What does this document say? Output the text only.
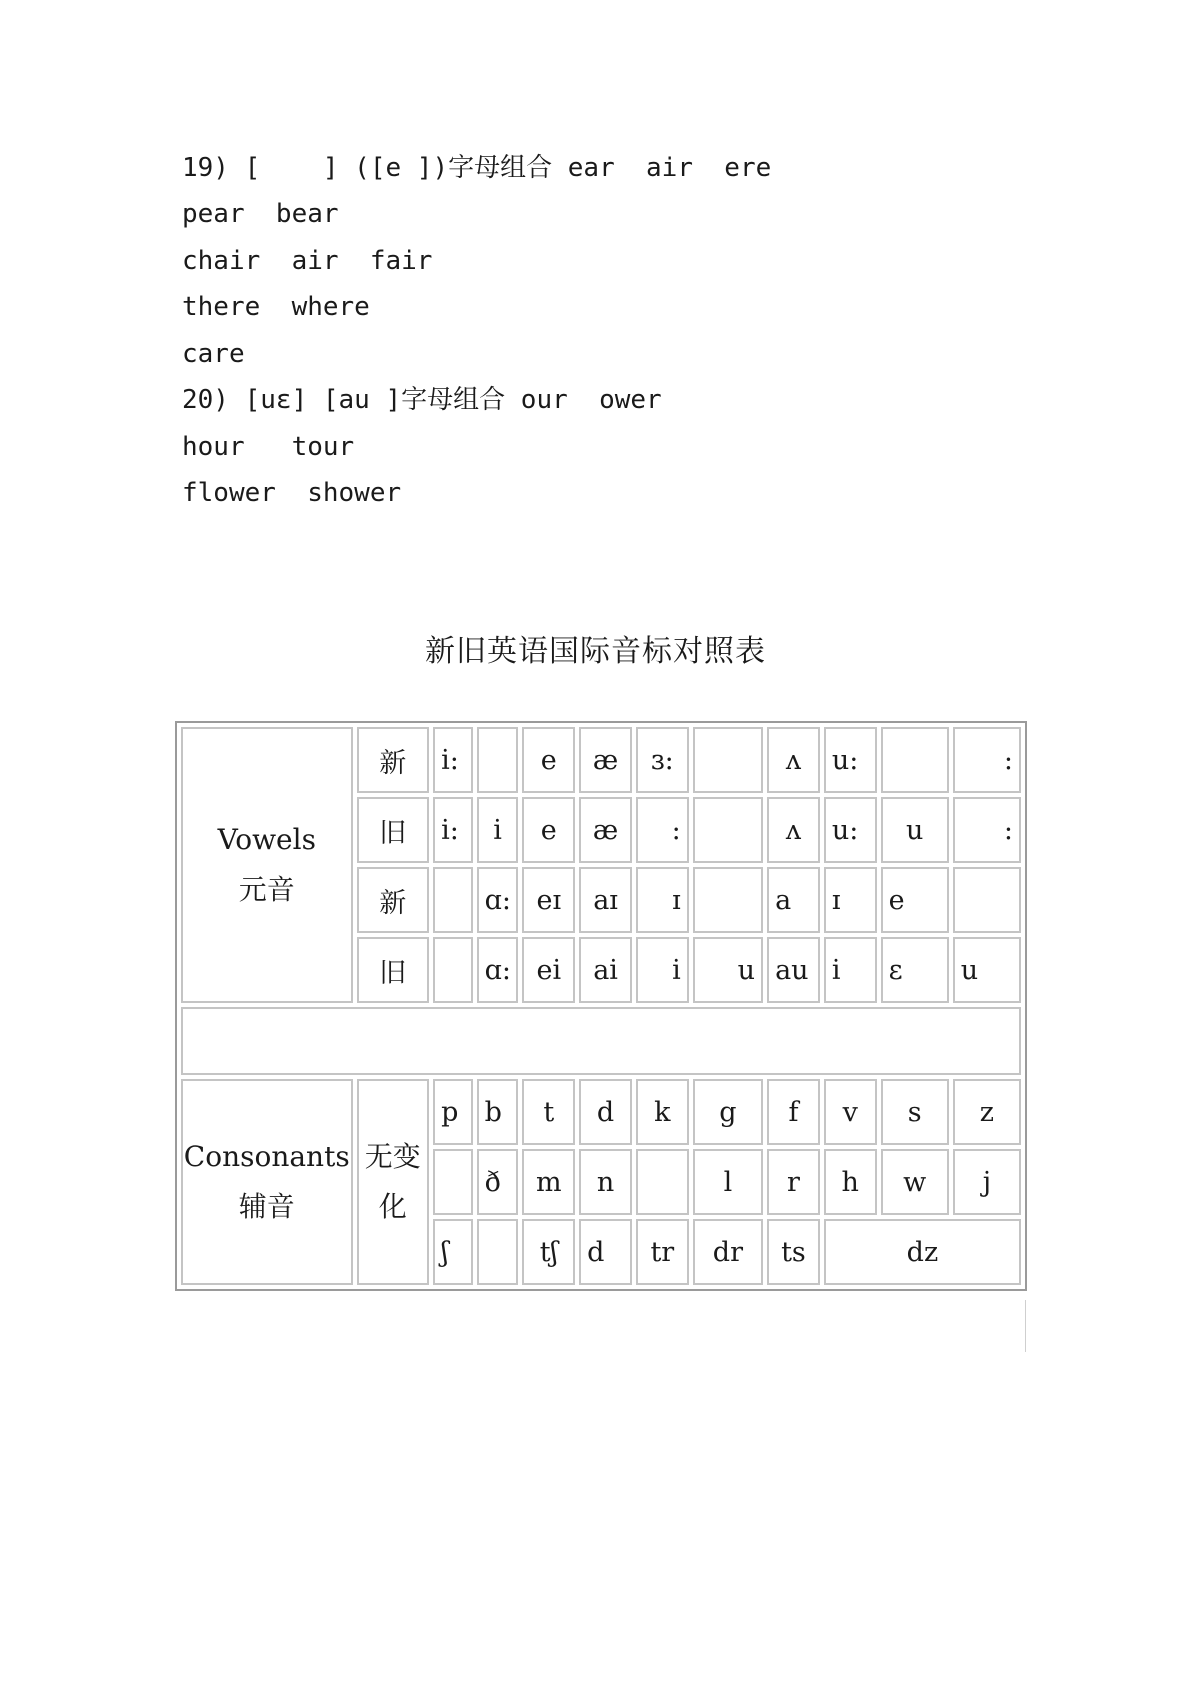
19) [    ] ([e ])字母组合 ear  air  ere
pear  bear
chair  air  fair
there  where
care
20) [uɛ] [au ]字母组合 our  ower
hour   tour
flower  shower
新旧英语国际音标对照表
Vowels
元音	新	i:		e	æ	ɜ:		ʌ	u:		:
	旧	i:	i	e	æ	:		ʌ	u:	u	:
	新		ɑ:	eɪ	aɪ	ɪ		a	ɪ	e	
	旧		ɑ:	ei	ai	i	u	au	i	ɛ	u

Consonants
辅音	无变化	p	b	t	d	k	g	f	v	s	z
			ð	m	n		l	r	h	w	j
		ʃ		tʃ	d	tr	dr	ts	dz		
